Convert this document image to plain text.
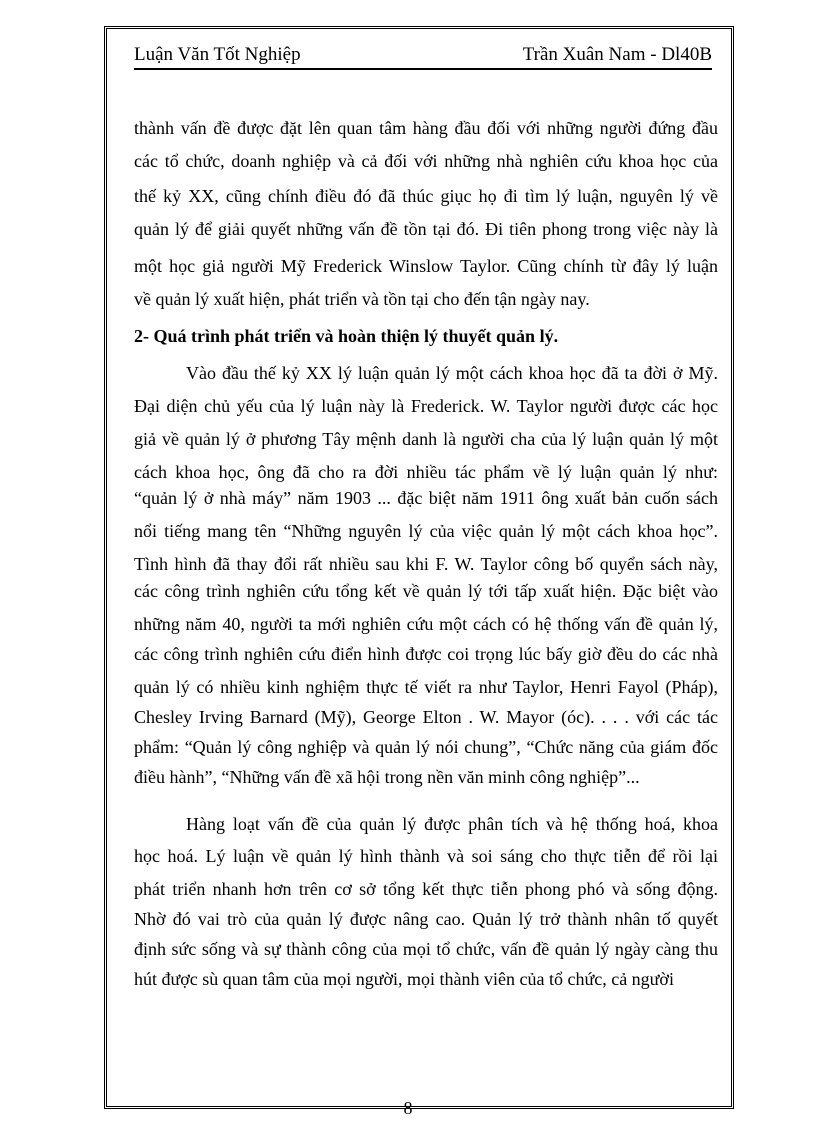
Luận Văn Tốt Nghiệp	Trần Xuân Nam - Dl40B
thành vấn đề được đặt lên quan tâm hàng đầu đối với những người đứng đầu
các tổ chức, doanh nghiệp và cả đối với những nhà nghiên cứu khoa học của
thế kỷ XX, cũng chính điều đó đã thúc giục họ đi tìm lý luận, nguyên lý về
quản lý để giải quyết những vấn đề tồn tại đó. Đi tiên phong trong việc này là
một học giả người Mỹ Frederick Winslow Taylor. Cũng chính từ đây lý luận
về quản lý xuất hiện, phát triển và tồn tại cho đến tận ngày nay.
2- Quá trình phát triển và hoàn thiện lý thuyết quản lý.
Vào đầu thế kỷ XX lý luận quản lý một cách khoa học đã ta đời ở Mỹ.
Đại diện chủ yếu của lý luận này là Frederick. W. Taylor người được các học
giả về quản lý ở phương Tây mệnh danh là người cha của lý luận quản lý một
cách khoa học, ông đã cho ra đời nhiều tác phẩm về lý luận quản lý như:
“quản lý ở nhà máy” năm 1903 ... đặc biệt năm 1911 ông xuất bản cuốn sách
nổi tiếng mang tên “Những nguyên lý của việc quản lý một cách khoa học”.
Tình hình đã thay đổi rất nhiều sau khi F. W. Taylor công bố quyển sách này,
các công trình nghiên cứu tổng kết về quản lý tới tấp xuất hiện. Đặc biệt vào
những năm 40, người ta mới nghiên cứu một cách có hệ thống vấn đề quản lý,
các công trình nghiên cứu điển hình được coi trọng lúc bấy giờ đều do các nhà
quản lý có nhiều kinh nghiệm thực tế viết ra như Taylor, Henri Fayol (Pháp),
Chesley Irving Barnard (Mỹ), George Elton . W. Mayor (óc). . . . với các tác
phẩm: “Quản lý công nghiệp và quản lý nói chung”, “Chức năng của giám đốc
điều hành”, “Những vấn đề xã hội trong nền văn minh công nghiệp”...
Hàng loạt vấn đề của quản lý được phân tích và hệ thống hoá, khoa
học hoá. Lý luận về quản lý hình thành và soi sáng cho thực tiễn để rồi lại
phát triển nhanh hơn trên cơ sở tổng kết thực tiễn phong phó và sống động.
Nhờ đó vai trò của quản lý được nâng cao. Quản lý trở thành nhân tố quyết
định sức sống và sự thành công của mọi tổ chức, vấn đề quản lý ngày càng thu
hút được sù quan tâm của mọi người, mọi thành viên của tổ chức, cả người
8
